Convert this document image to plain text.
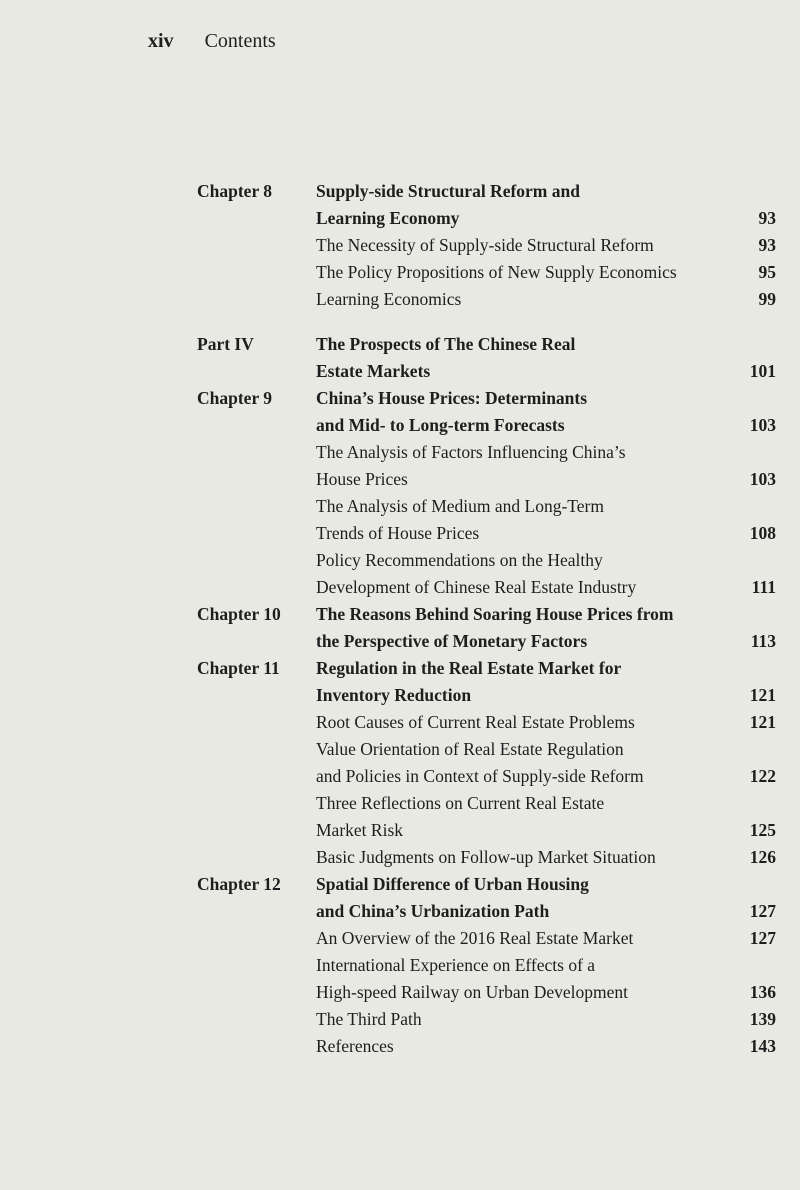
xiv Contents
Chapter 8	Supply-side Structural Reform and
Learning Economy	93
The Necessity of Supply-side Structural Reform	93
The Policy Propositions of New Supply Economics	95
Learning Economics	99
Part IV	The Prospects of The Chinese Real
Estate Markets	101
Chapter 9	China’s House Prices: Determinants
and Mid- to Long-term Forecasts	103
The Analysis of Factors Influencing China’s
House Prices	103
The Analysis of Medium and Long-Term
Trends of House Prices	108
Policy Recommendations on the Healthy
Development of Chinese Real Estate Industry	111
Chapter 10 The Reasons Behind Soaring House Prices from
the Perspective of Monetary Factors	113
Chapter 11 Regulation in the Real Estate Market for
Inventory Reduction	121
Root Causes of Current Real Estate Problems	121
Value Orientation of Real Estate Regulation
and Policies in Context of Supply-side Reform	122
Three Reflections on Current Real Estate
Market Risk	125
Basic Judgments on Follow-up Market Situation	126
Chapter 12 Spatial Difference of Urban Housing
and China’s Urbanization Path	127
An Overview of the 2016 Real Estate Market	127
International Experience on Effects of a
High-speed Railway on Urban Development	136
The Third Path	139
References	143
